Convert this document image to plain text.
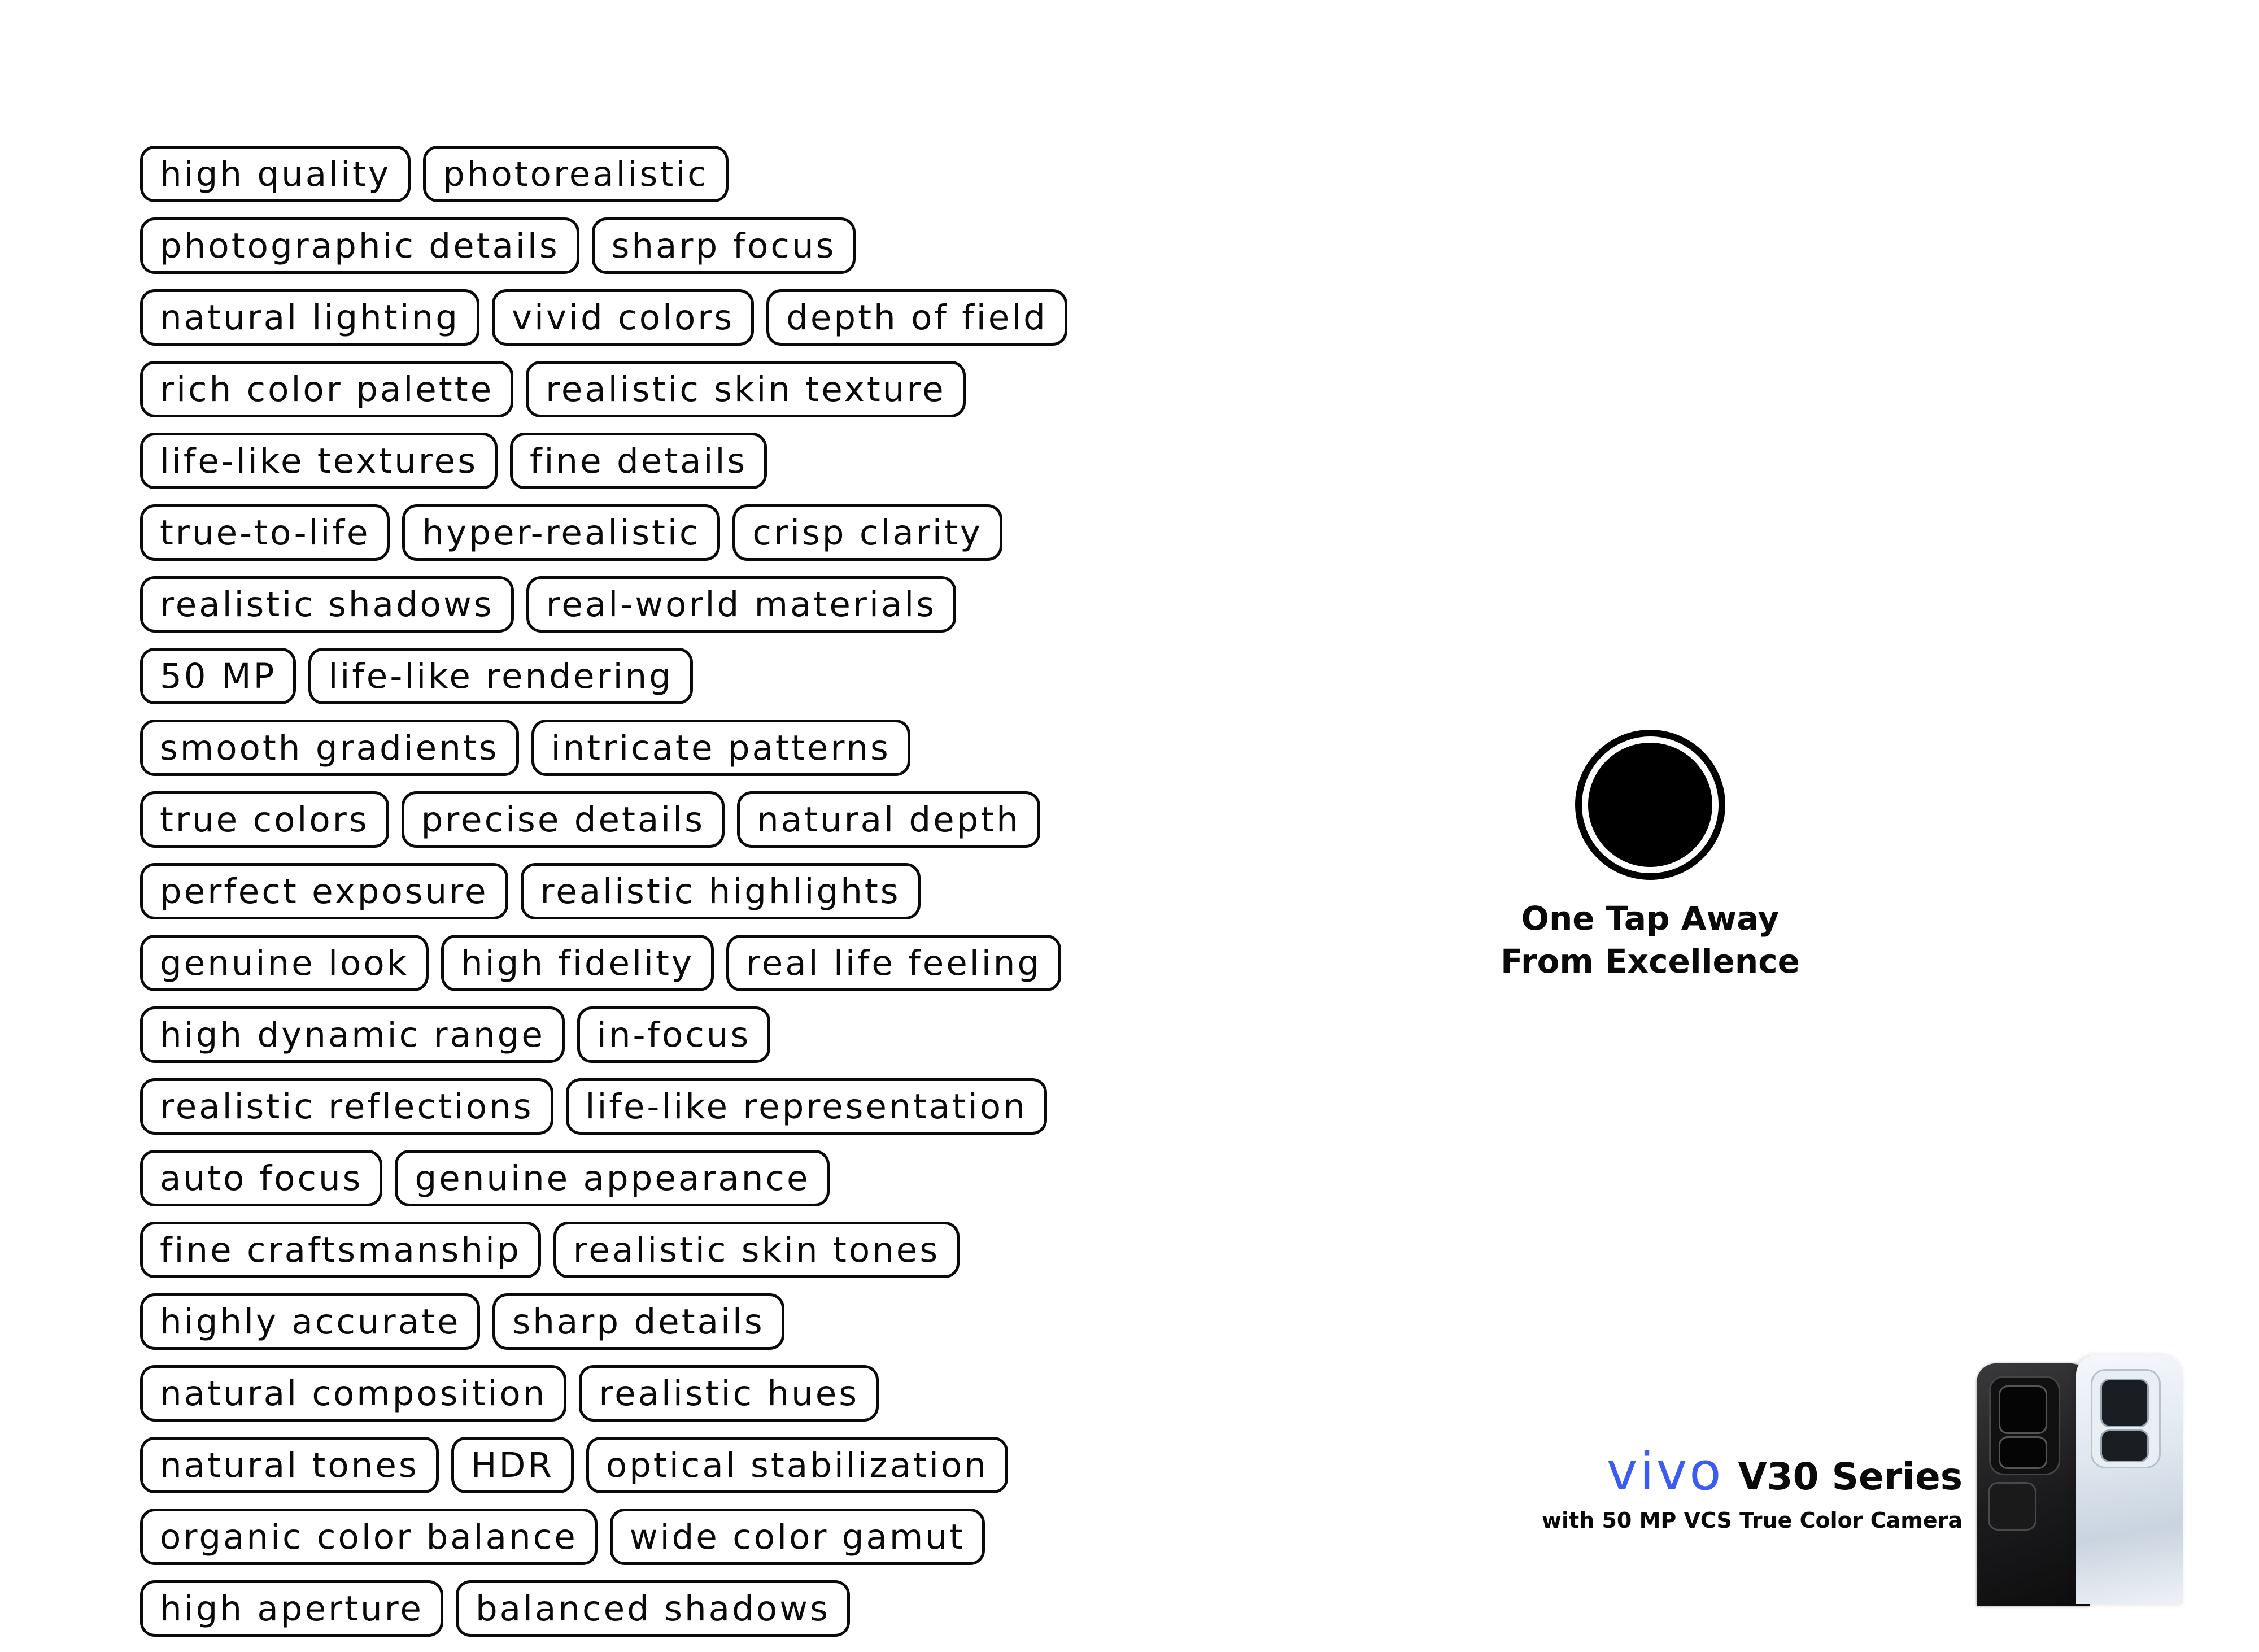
high quality	photorealistic
photographic details	sharp focus
natural lighting	vivid colors	depth of field
rich color palette	realistic skin texture
life-like textures	fine details
true-to-life	hyper-realistic	crisp clarity
realistic shadows	real-world materials
50 MP	life-like rendering
smooth gradients	intricate patterns
true colors	precise details	natural depth
perfect exposure	realistic highlights
genuine look	high fidelity	real life feeling
high dynamic range	in-focus
realistic reflections	life-like representation
auto focus	genuine appearance
fine craftsmanship	realistic skin tones
highly accurate	sharp details
natural composition	realistic hues
natural tones	HDR	optical stabilization
organic color balance	wide color gamut
high aperture	balanced shadows
One Tap Away
From Excellence
vivo V30 Series
with 50 MP VCS True Color Camera
